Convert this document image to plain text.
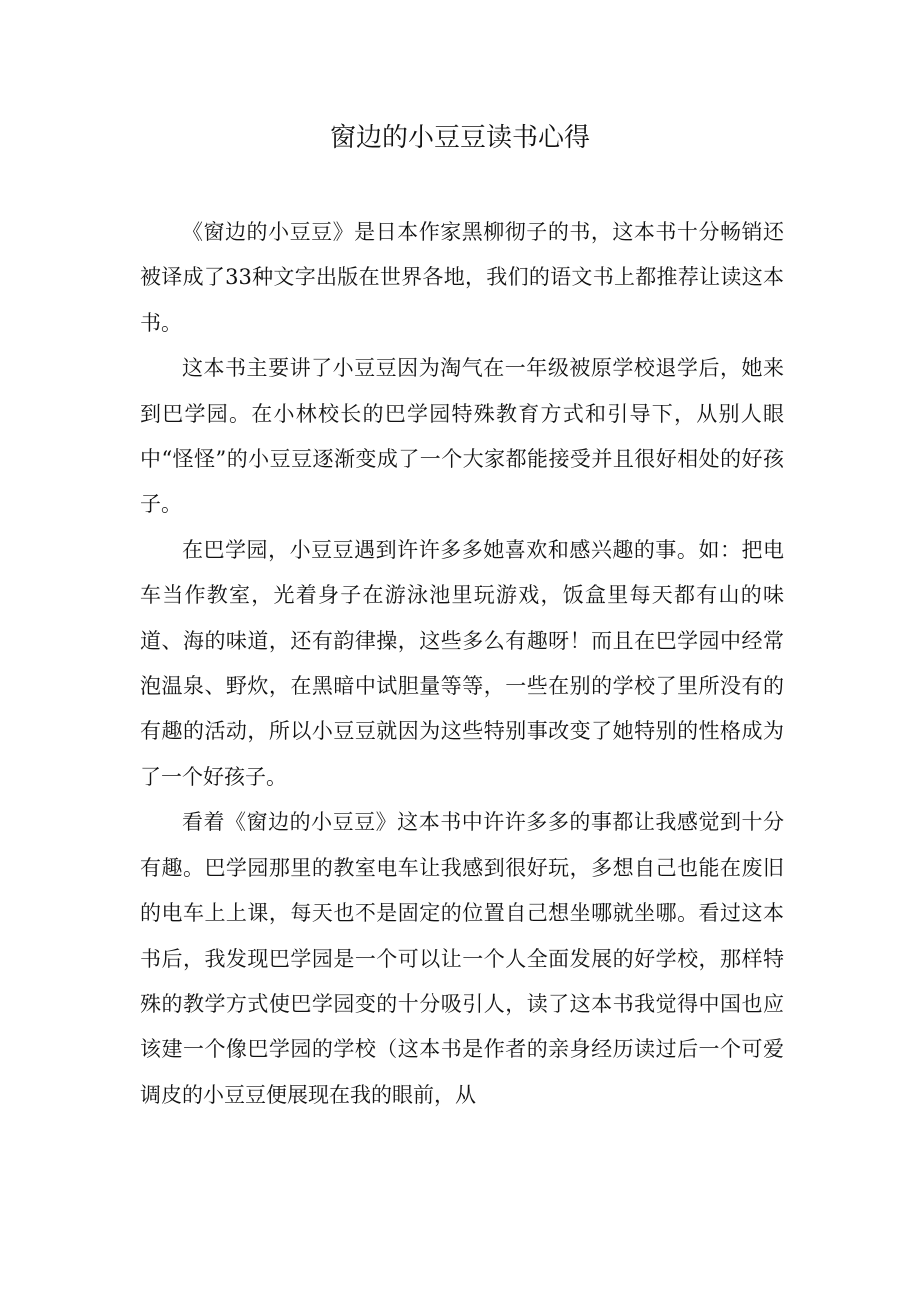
窗边的小豆豆读书心得

《窗边的小豆豆》是日本作家黑柳彻子的书，这本书十分畅销还被译成了33种文字出版在世界各地，我们的语文书上都推荐让读这本书。

这本书主要讲了小豆豆因为淘气在一年级被原学校退学后，她来到巴学园。在小林校长的巴学园特殊教育方式和引导下，从别人眼中“怪怪”的小豆豆逐渐变成了一个大家都能接受并且很好相处的好孩子。

在巴学园，小豆豆遇到许许多多她喜欢和感兴趣的事。如：把电车当作教室，光着身子在游泳池里玩游戏，饭盒里每天都有山的味道、海的味道，还有韵律操，这些多么有趣呀！而且在巴学园中经常泡温泉、野炊，在黑暗中试胆量等等，一些在别的学校了里所没有的有趣的活动，所以小豆豆就因为这些特别事改变了她特别的性格成为了一个好孩子。

看着《窗边的小豆豆》这本书中许许多多的事都让我感觉到十分有趣。巴学园那里的教室电车让我感到很好玩，多想自己也能在废旧的电车上上课，每天也不是固定的位置自己想坐哪就坐哪。看过这本书后，我发现巴学园是一个可以让一个人全面发展的好学校，那样特殊的教学方式使巴学园变的十分吸引人，读了这本书我觉得中国也应该建一个像巴学园的学校（这本书是作者的亲身经历读过后一个可爱调皮的小豆豆便展现在我的眼前，从
